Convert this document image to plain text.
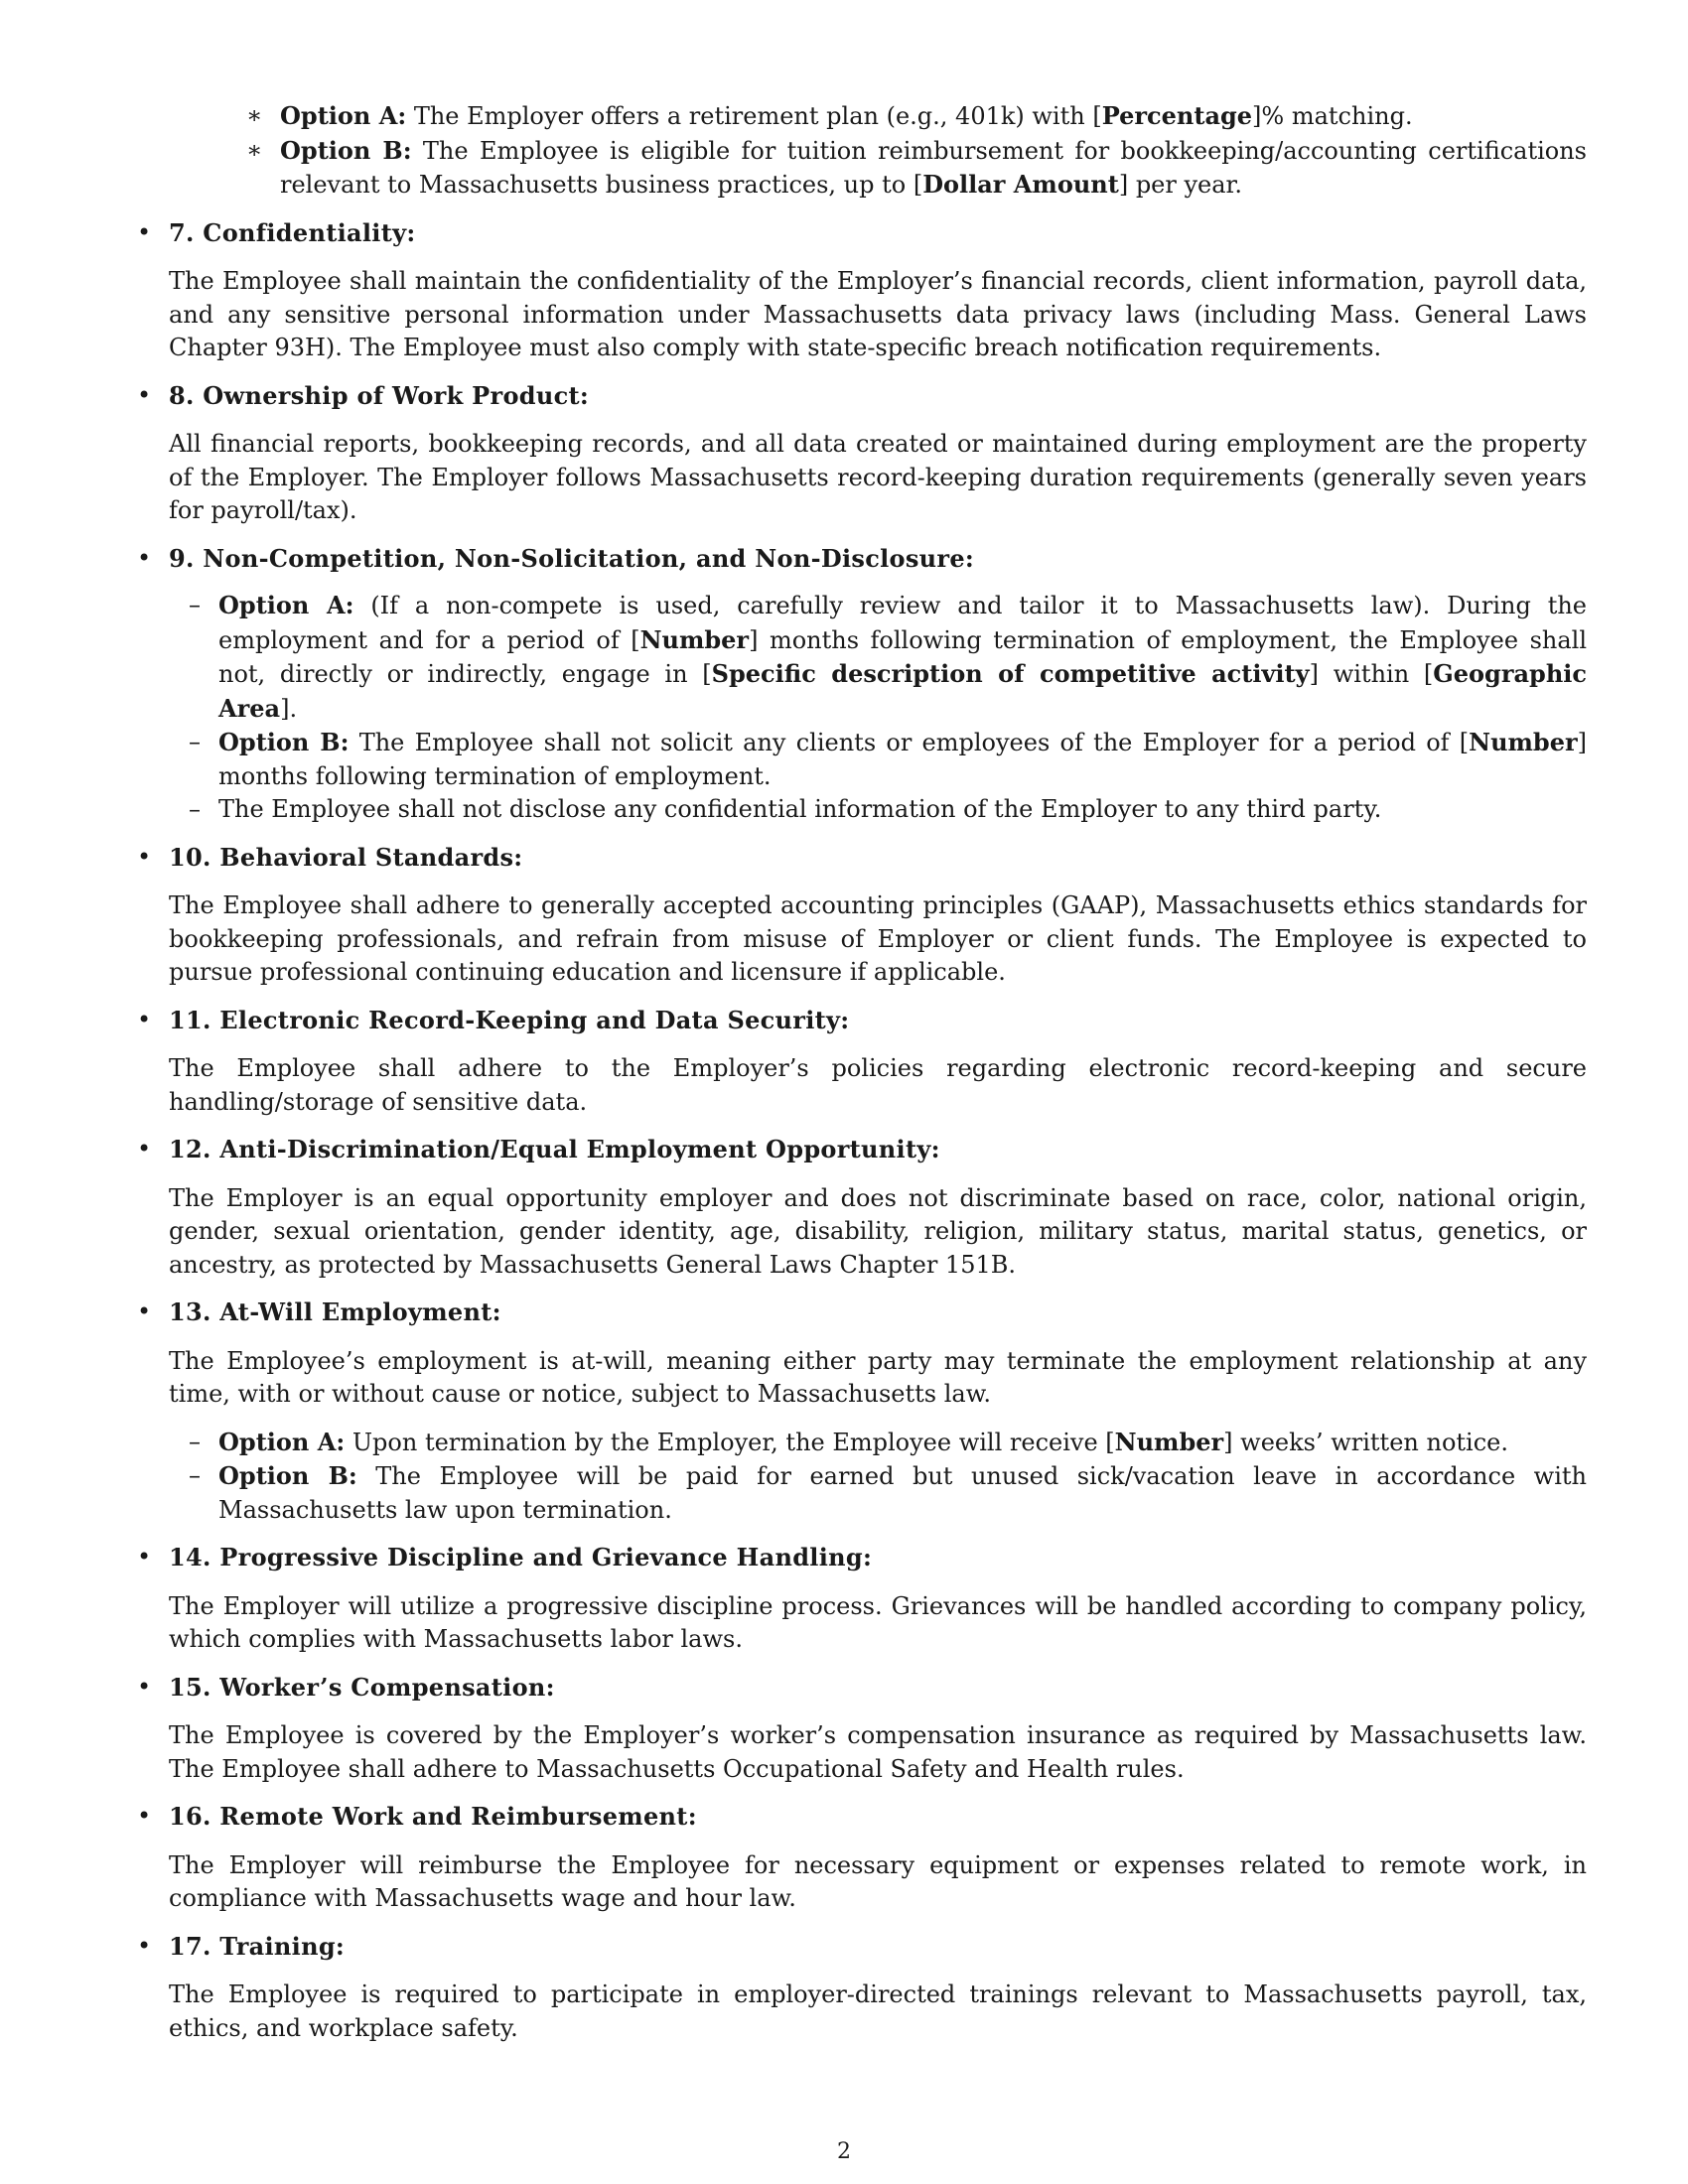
∗ Option A: The Employer offers a retirement plan (e.g., 401k) with [Percentage]% matching.
∗ Option B: The Employee is eligible for tuition reimbursement for bookkeeping/accounting certifications relevant to Massachusetts business practices, up to [Dollar Amount] per year.
• 7. Confidentiality:

The Employee shall maintain the confidentiality of the Employer’s financial records, client information, payroll data, and any sensitive personal information under Massachusetts data privacy laws (including Mass. General Laws Chapter 93H). The Employee must also comply with state-specific breach notification requirements.

• 8. Ownership of Work Product:

All financial reports, bookkeeping records, and all data created or maintained during employment are the property of the Employer. The Employer follows Massachusetts record-keeping duration requirements (generally seven years for payroll/tax).

• 9. Non-Competition, Non-Solicitation, and Non-Disclosure:
– Option A: (If a non-compete is used, carefully review and tailor it to Massachusetts law). During the employment and for a period of [Number] months following termination of employment, the Employee shall not, directly or indirectly, engage in [Specific description of competitive activity] within [Geographic Area].
– Option B: The Employee shall not solicit any clients or employees of the Employer for a period of [Number] months following termination of employment.
– The Employee shall not disclose any confidential information of the Employer to any third party.
• 10. Behavioral Standards:

The Employee shall adhere to generally accepted accounting principles (GAAP), Massachusetts ethics standards for bookkeeping professionals, and refrain from misuse of Employer or client funds. The Employee is expected to pursue professional continuing education and licensure if applicable.

• 11. Electronic Record-Keeping and Data Security:

The Employee shall adhere to the Employer’s policies regarding electronic record-keeping and secure handling/storage of sensitive data.

• 12. Anti-Discrimination/Equal Employment Opportunity:

The Employer is an equal opportunity employer and does not discriminate based on race, color, national origin, gender, sexual orientation, gender identity, age, disability, religion, military status, marital status, genetics, or ancestry, as protected by Massachusetts General Laws Chapter 151B.

• 13. At-Will Employment:

The Employee’s employment is at-will, meaning either party may terminate the employment relationship at any time, with or without cause or notice, subject to Massachusetts law.

– Option A: Upon termination by the Employer, the Employee will receive [Number] weeks’ written notice.
– Option B: The Employee will be paid for earned but unused sick/vacation leave in accordance with Massachusetts law upon termination.
• 14. Progressive Discipline and Grievance Handling:

The Employer will utilize a progressive discipline process. Grievances will be handled according to company policy, which complies with Massachusetts labor laws.

• 15. Worker’s Compensation:

The Employee is covered by the Employer’s worker’s compensation insurance as required by Massachusetts law. The Employee shall adhere to Massachusetts Occupational Safety and Health rules.

• 16. Remote Work and Reimbursement:

The Employer will reimburse the Employee for necessary equipment or expenses related to remote work, in compliance with Massachusetts wage and hour law.

• 17. Training:

The Employee is required to participate in employer-directed trainings relevant to Massachusetts payroll, tax, ethics, and workplace safety.

2
